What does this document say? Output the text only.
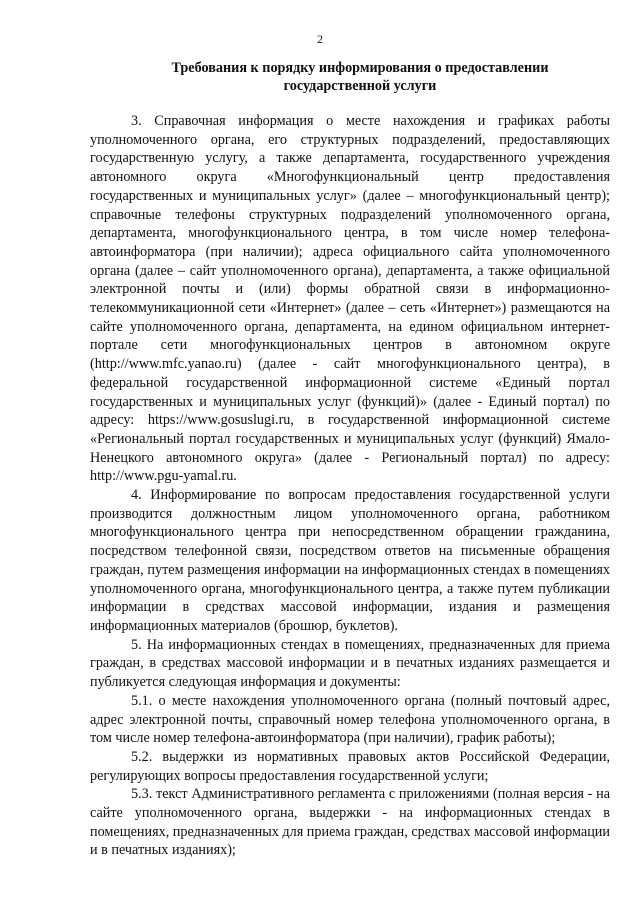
2
Требования к порядку информирования о предоставлении
государственной услуги

3. Справочная информация о месте нахождения и графиках работы уполномоченного органа, его структурных подразделений, предоставляющих государственную услугу, а также департамента, государственного учреждения автономного округа «Многофункциональный центр предоставления государственных и муниципальных услуг» (далее – многофункциональный центр); справочные телефоны структурных подразделений уполномоченного органа, департамента, многофункционального центра, в том числе номер телефона-автоинформатора (при наличии); адреса официального сайта уполномоченного органа (далее – сайт уполномоченного органа), департамента, а также официальной электронной почты и (или) формы обратной связи в информационно-телекоммуникационной сети «Интернет» (далее – сеть «Интернет») размещаются на сайте уполномоченного органа, департамента, на едином официальном интернет-портале сети многофункциональных центров в автономном округе (http://www.mfc.yanao.ru) (далее - сайт многофункционального центра), в федеральной государственной информационной системе «Единый портал государственных и муниципальных услуг (функций)» (далее - Единый портал) по адресу: https://www.gosuslugi.ru, в государственной информационной системе «Региональный портал государственных и муниципальных услуг (функций) Ямало-Ненецкого автономного округа» (далее - Региональный портал) по адресу: http://www.pgu-yamal.ru.

4. Информирование по вопросам предоставления государственной услуги производится должностным лицом уполномоченного органа, работником многофункционального центра при непосредственном обращении гражданина, посредством телефонной связи, посредством ответов на письменные обращения граждан, путем размещения информации на информационных стендах в помещениях уполномоченного органа, многофункционального центра, а также путем публикации информации в средствах массовой информации, издания и размещения информационных материалов (брошюр, буклетов).

5. На информационных стендах в помещениях, предназначенных для приема граждан, в средствах массовой информации и в печатных изданиях размещается и публикуется следующая информация и документы:

5.1. о месте нахождения уполномоченного органа (полный почтовый адрес, адрес электронной почты, справочный номер телефона уполномоченного органа, в том числе номер телефона-автоинформатора (при наличии), график работы);

5.2. выдержки из нормативных правовых актов Российской Федерации, регулирующих вопросы предоставления государственной услуги;

5.3. текст Административного регламента с приложениями (полная версия - на сайте уполномоченного органа, выдержки - на информационных стендах в помещениях, предназначенных для приема граждан, средствах массовой информации и в печатных изданиях);
